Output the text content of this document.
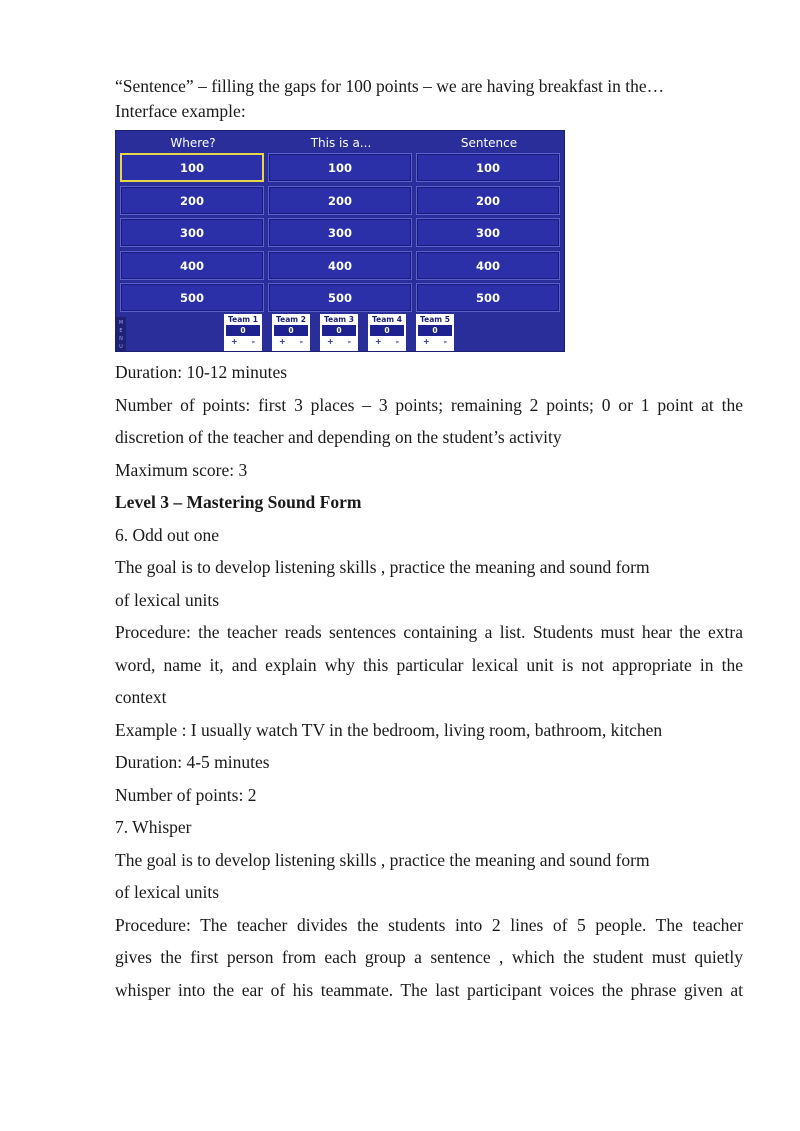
“Sentence” – filling the gaps for 100 points – we are having breakfast in the…
Interface example:
Where?	This is a...	Sentence
M
E
N
U
100
200
300
400
500
100
200
300
400
500
100
200
300
400
500
Team 1
0
+ -
Team 2
0
+ -
Team 3
0
+ -
Team 4
0
+ -
Team 5
0
+ -
Duration: 10-12 minutes
Number of points: first 3 places – 3 points; remaining 2 points; 0 or 1 point at the
discretion of the teacher and depending on the student’s activity
Maximum score: 3
Level 3 – Mastering Sound Form
6. Odd out one
The goal is to develop listening skills , practice the meaning and sound form
of lexical units
Procedure: the teacher reads sentences containing a list. Students must hear the extra
word, name it, and explain why this particular lexical unit is not appropriate in the
context
Example : I usually watch TV in the bedroom, living room, bathroom, kitchen
Duration: 4-5 minutes
Number of points: 2
7. Whisper
The goal is to develop listening skills , practice the meaning and sound form
of lexical units
Procedure: The teacher divides the students into 2 lines of 5 people. The teacher
gives the first person from each group a sentence , which the student must quietly
whisper into the ear of his teammate. The last participant voices the phrase given at
